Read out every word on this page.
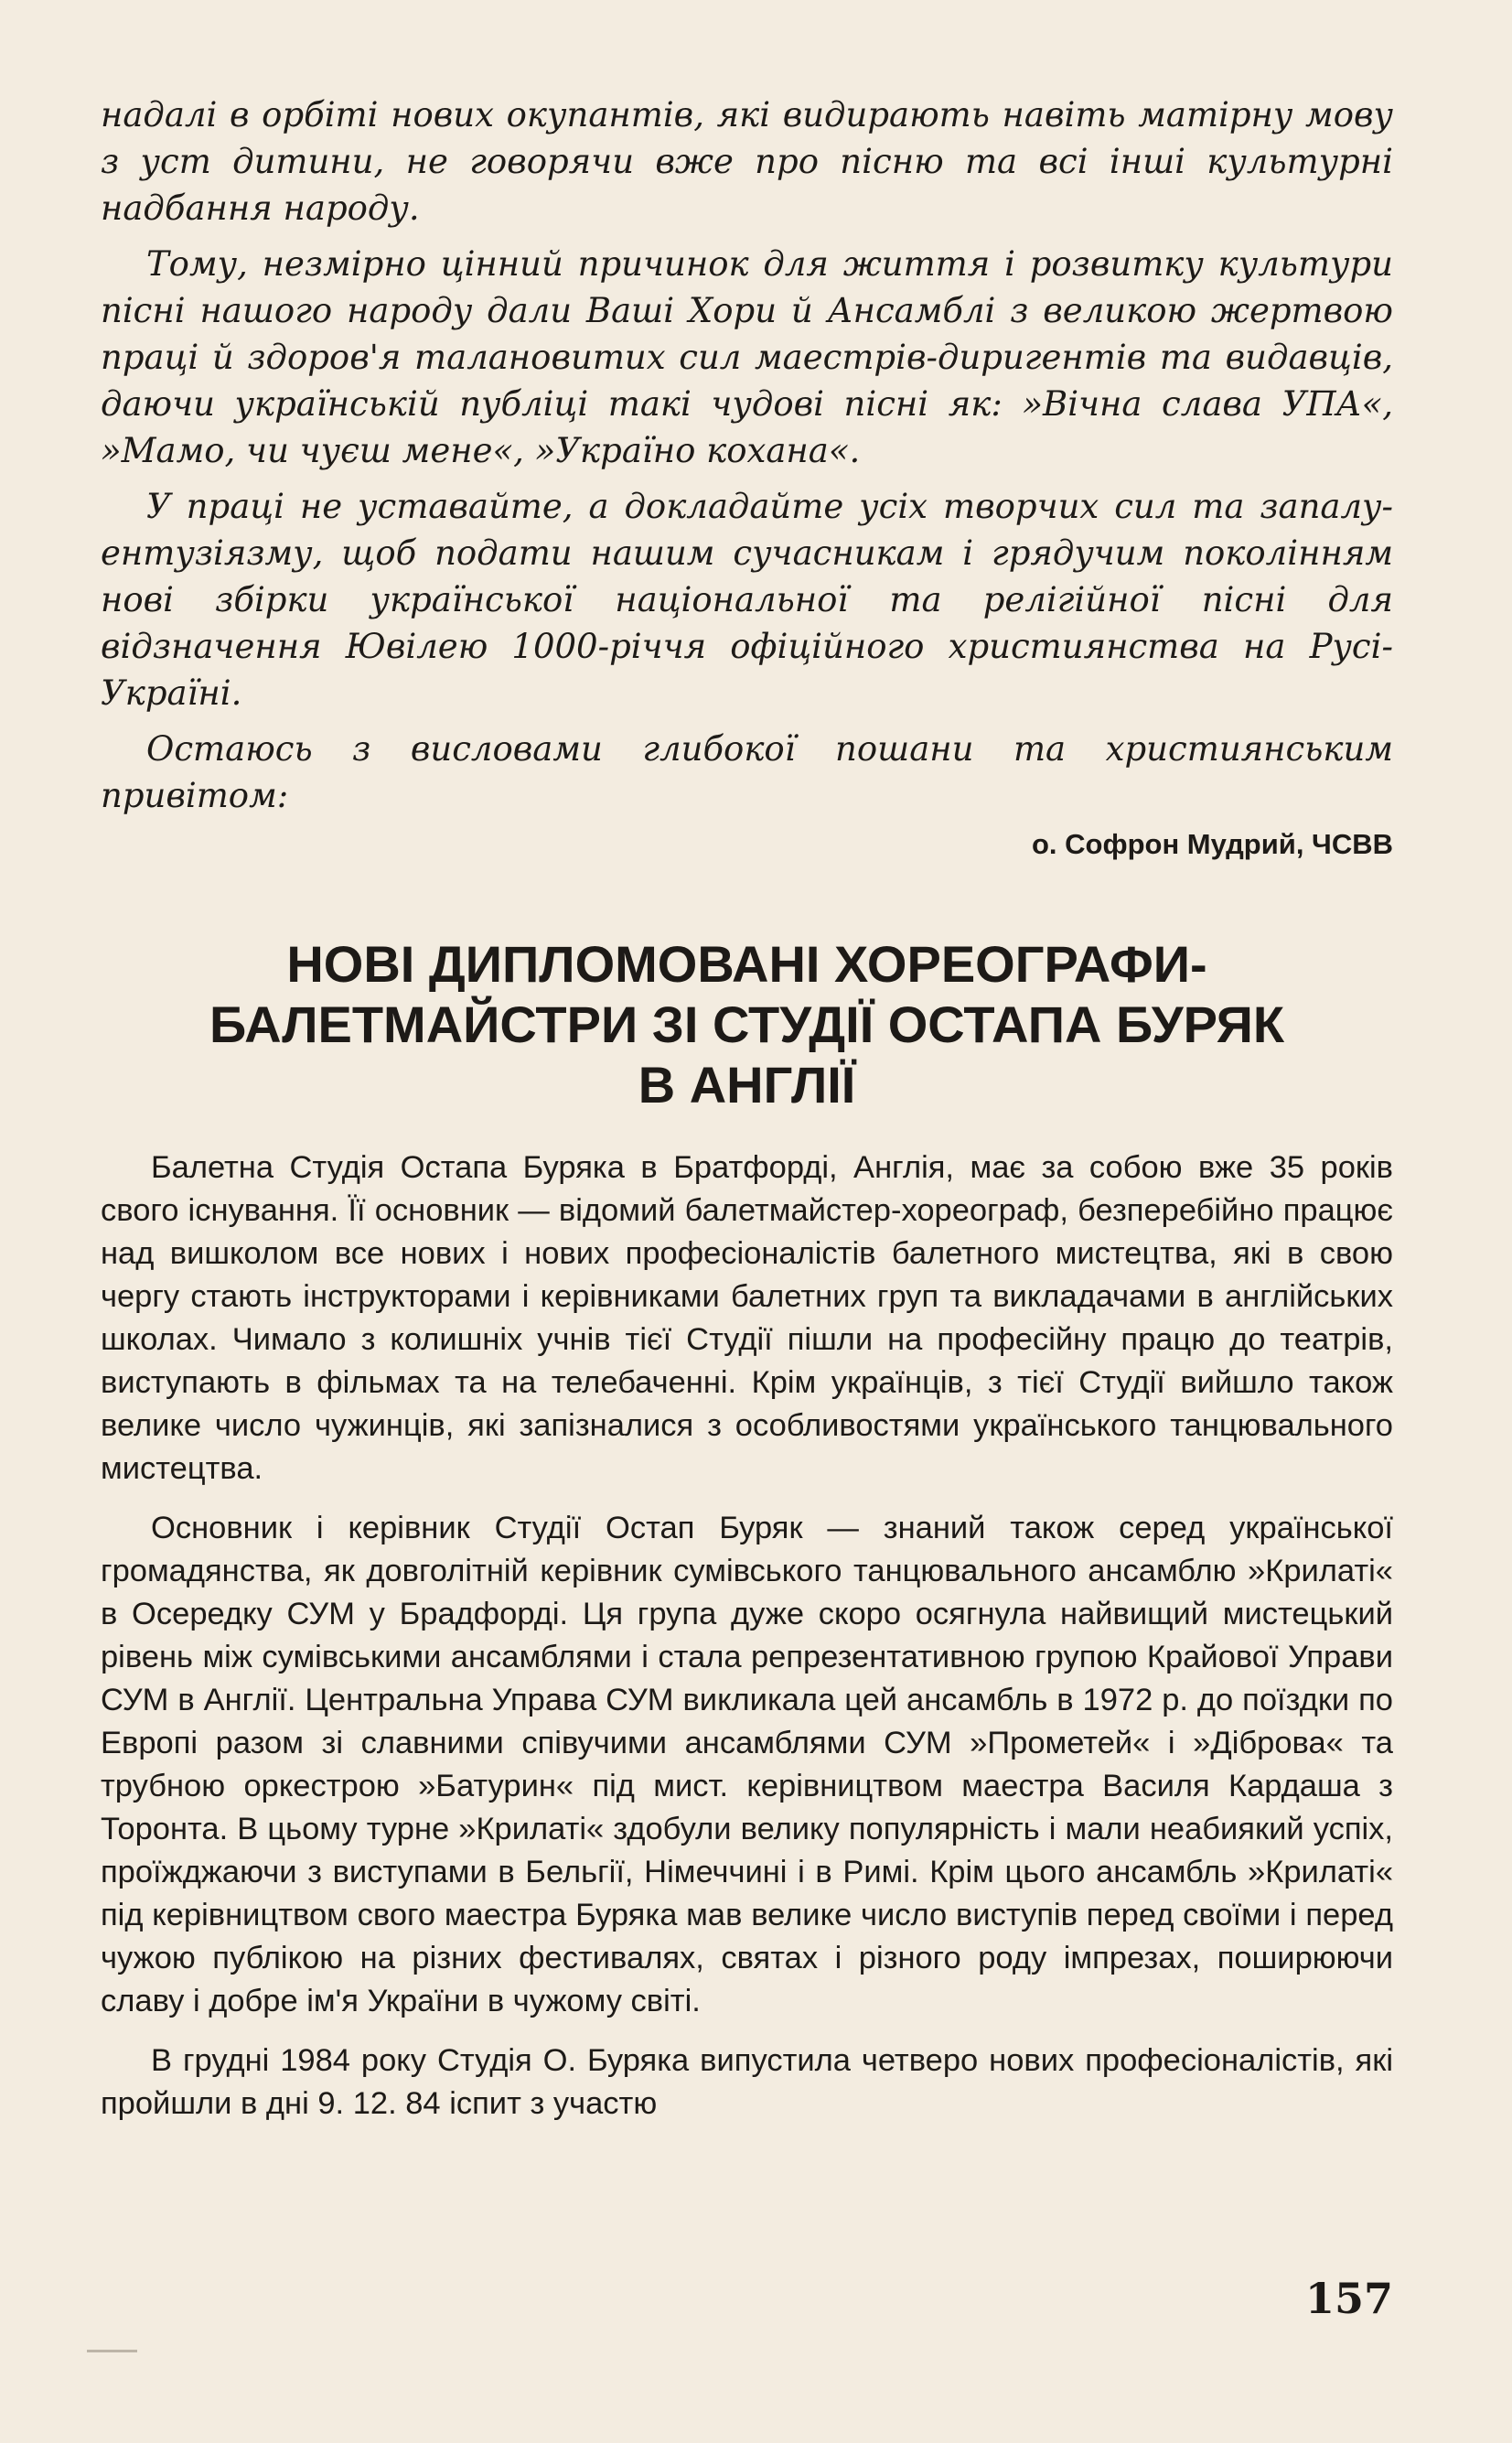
надалі в орбіті нових окупантів, які видирають навіть матірну мову з уст дитини, не говорячи вже про пісню та всі інші культурні надбання народу.

Тому, незмірно цінний причинок для життя і розвитку культури пісні нашого народу дали Ваші Хори й Ансамблі з великою жертвою праці й здоров'я талановитих сил маестрів-диригентів та видавців, даючи українській публіці такі чудові пісні як: »Вічна слава УПА«, »Мамо, чи чуєш мене«, »Україно кохана«.

У праці не уставайте, а докладайте усіх творчих сил та запалу-ентузіязму, щоб подати нашим сучасникам і грядучим поколінням нові збірки української національної та релігійної пісні для відзначення Ювілею 1000-річчя офіційного християнства на Русі-Україні.

Остаюсь з висловами глибокої пошани та християнським привітом:

о. Софрон Мудрий, ЧСВВ
НОВІ ДИПЛОМОВАНІ ХОРЕОГРАФИ-
БАЛЕТМАЙСТРИ ЗІ СТУДІЇ ОСТАПА БУРЯК
В АНГЛІЇ

Балетна Студія Остапа Буряка в Братфорді, Англія, має за собою вже 35 років свого існування. Її основник — відомий балетмайстер-хореограф, безперебійно працює над вишколом все нових і нових професіоналістів балетного мистецтва, які в свою чергу стають інструкторами і керівниками балетних груп та викладачами в англійських школах. Чимало з колишніх учнів тієї Студії пішли на професійну працю до театрів, виступають в фільмах та на телебаченні. Крім українців, з тієї Студії вийшло також велике число чужинців, які запізналися з особливостями українського танцювального мистецтва.

Основник і керівник Студії Остап Буряк — знаний також серед української громадянства, як довголітній керівник сумівського танцювального ансамблю »Крилаті« в Осередку СУМ у Брадфорді. Ця група дуже скоро осягнула найвищий мистецький рівень між сумівськими ансамблями і стала репрезентативною групою Крайової Управи СУМ в Англії. Центральна Управа СУМ викликала цей ансамбль в 1972 р. до поїздки по Европі разом зі славними співучими ансамблями СУМ »Прометей« і »Діброва« та трубною оркестрою »Батурин« під мист. керівництвом маестра Василя Кардаша з Торонта. В цьому турне »Крилаті« здобули велику популярність і мали неабиякий успіх, проїжджаючи з виступами в Бельгії, Німеччині і в Римі. Крім цього ансамбль »Крилаті« під керівництвом свого маестра Буряка мав велике число виступів перед своїми і перед чужою публікою на різних фестивалях, святах і різного роду імпрезах, поширюючи славу і добре ім'я України в чужому світі.

В грудні 1984 року Студія О. Буряка випустила четверо нових професіоналістів, які пройшли в дні 9. 12. 84 іспит з участю

157
